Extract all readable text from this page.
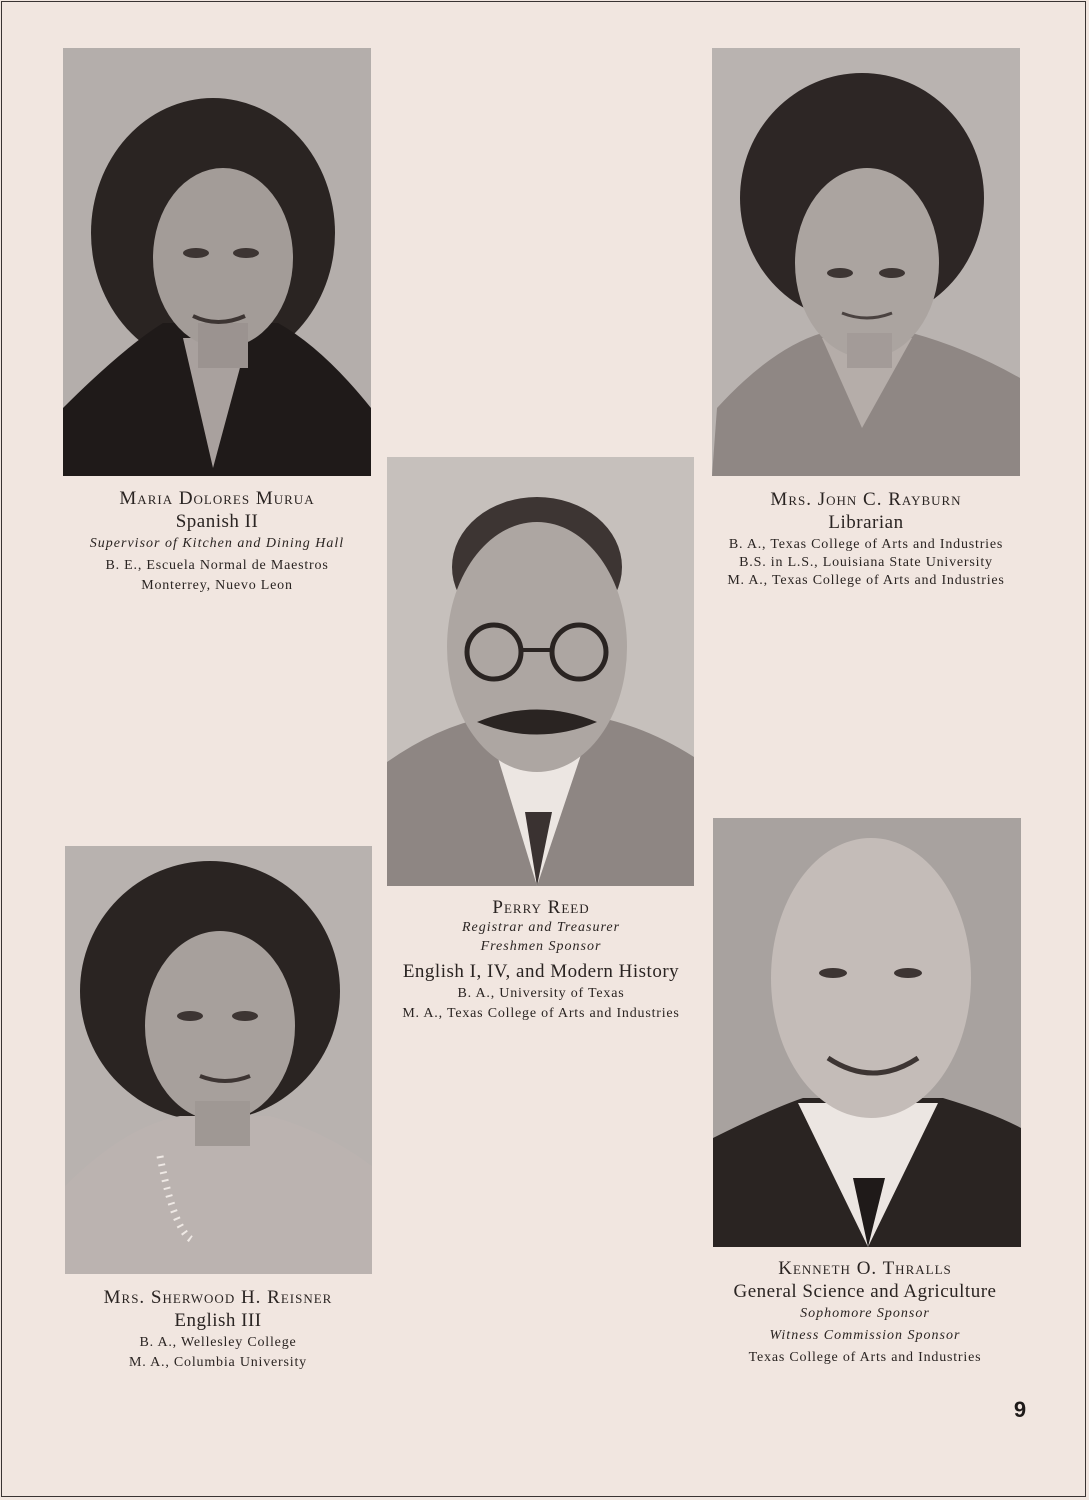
Maria Dolores Murua
Spanish II
Supervisor of Kitchen and Dining Hall
B. E., Escuela Normal de Maestros
Monterrey, Nuevo Leon
Mrs. John C. Rayburn
Librarian
B. A., Texas College of Arts and Industries
B.S. in L.S., Louisiana State University
M. A., Texas College of Arts and Industries
Perry Reed
Registrar and Treasurer
Freshmen Sponsor
English I, IV, and Modern History
B. A., University of Texas
M. A., Texas College of Arts and Industries
Mrs. Sherwood H. Reisner
English III
B. A., Wellesley College
M. A., Columbia University
Kenneth O. Thralls
General Science and Agriculture
Sophomore Sponsor
Witness Commission Sponsor
Texas College of Arts and Industries
9
